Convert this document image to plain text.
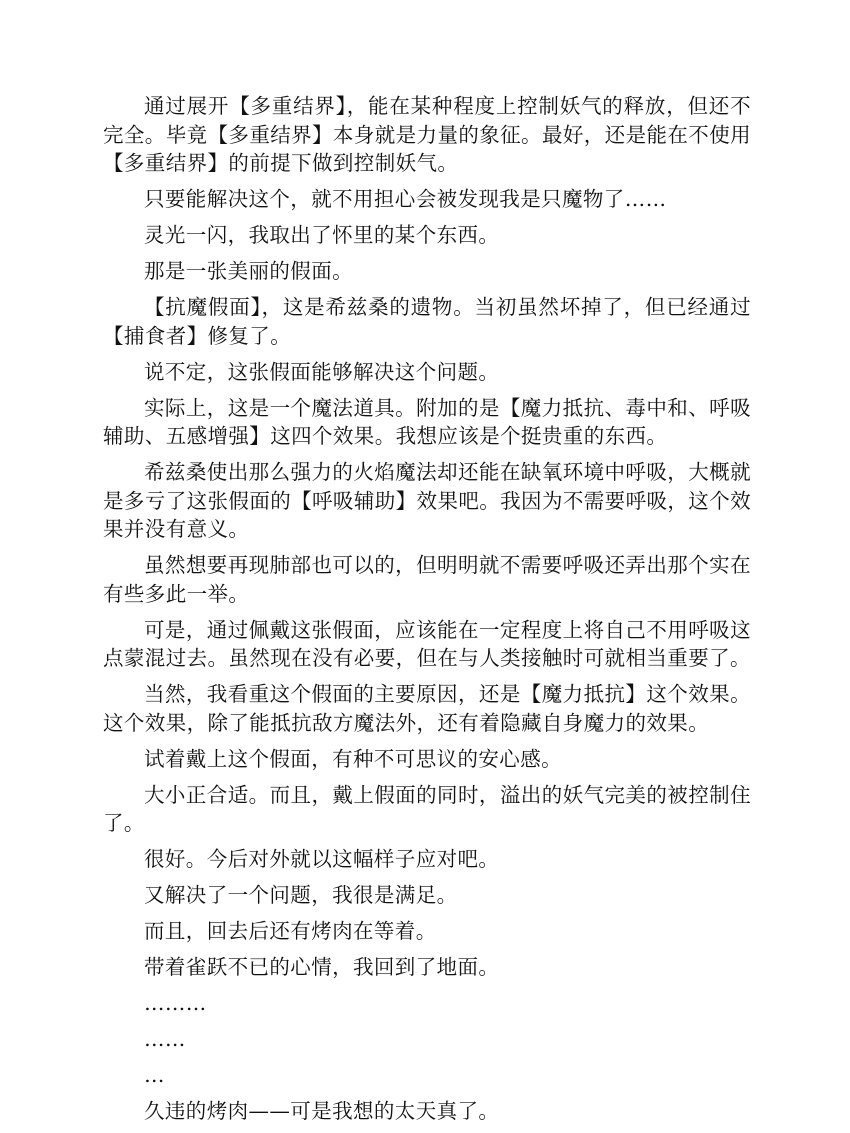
通过展开【多重结界】，能在某种程度上控制妖气的释放，但还不完全。毕竟【多重结界】本身就是力量的象征。最好，还是能在不使用【多重结界】的前提下做到控制妖气。

只要能解决这个，就不用担心会被发现我是只魔物了……

灵光一闪，我取出了怀里的某个东西。

那是一张美丽的假面。

【抗魔假面】，这是希兹桑的遗物。当初虽然坏掉了，但已经通过【捕食者】修复了。

说不定，这张假面能够解决这个问题。

实际上，这是一个魔法道具。附加的是【魔力抵抗、毒中和、呼吸辅助、五感增强】这四个效果。我想应该是个挺贵重的东西。

希兹桑使出那么强力的火焰魔法却还能在缺氧环境中呼吸，大概就是多亏了这张假面的【呼吸辅助】效果吧。我因为不需要呼吸，这个效果并没有意义。

虽然想要再现肺部也可以的，但明明就不需要呼吸还弄出那个实在有些多此一举。

可是，通过佩戴这张假面，应该能在一定程度上将自己不用呼吸这点蒙混过去。虽然现在没有必要，但在与人类接触时可就相当重要了。

当然，我看重这个假面的主要原因，还是【魔力抵抗】这个效果。这个效果，除了能抵抗敌方魔法外，还有着隐藏自身魔力的效果。

试着戴上这个假面，有种不可思议的安心感。

大小正合适。而且，戴上假面的同时，溢出的妖气完美的被控制住了。

很好。今后对外就以这幅样子应对吧。

又解决了一个问题，我很是满足。

而且，回去后还有烤肉在等着。

带着雀跃不已的心情，我回到了地面。

………

……

…

久违的烤肉——可是我想的太天真了。
